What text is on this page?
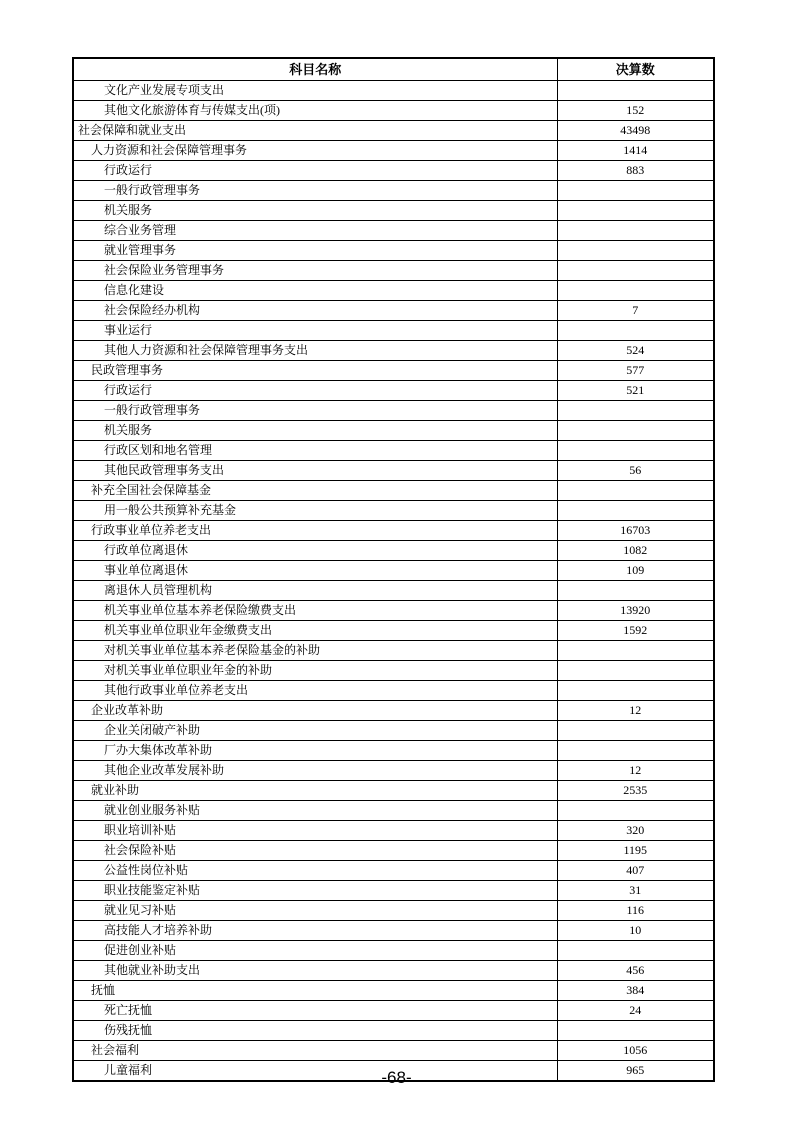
科目名称	决算数
文化产业发展专项支出	
其他文化旅游体育与传媒支出(项)	152
社会保障和就业支出	43498
人力资源和社会保障管理事务	1414
行政运行	883
一般行政管理事务	
机关服务	
综合业务管理	
就业管理事务	
社会保险业务管理事务	
信息化建设	
社会保险经办机构	7
事业运行	
其他人力资源和社会保障管理事务支出	524
民政管理事务	577
行政运行	521
一般行政管理事务	
机关服务	
行政区划和地名管理	
其他民政管理事务支出	56
补充全国社会保障基金	
用一般公共预算补充基金	
行政事业单位养老支出	16703
行政单位离退休	1082
事业单位离退休	109
离退休人员管理机构	
机关事业单位基本养老保险缴费支出	13920
机关事业单位职业年金缴费支出	1592
对机关事业单位基本养老保险基金的补助	
对机关事业单位职业年金的补助	
其他行政事业单位养老支出	
企业改革补助	12
企业关闭破产补助	
厂办大集体改革补助	
其他企业改革发展补助	12
就业补助	2535
就业创业服务补贴	
职业培训补贴	320
社会保险补贴	1195
公益性岗位补贴	407
职业技能鉴定补贴	31
就业见习补贴	116
高技能人才培养补助	10
促进创业补贴	
其他就业补助支出	456
抚恤	384
死亡抚恤	24
伤残抚恤	
社会福利	1056
儿童福利	965
-68-
